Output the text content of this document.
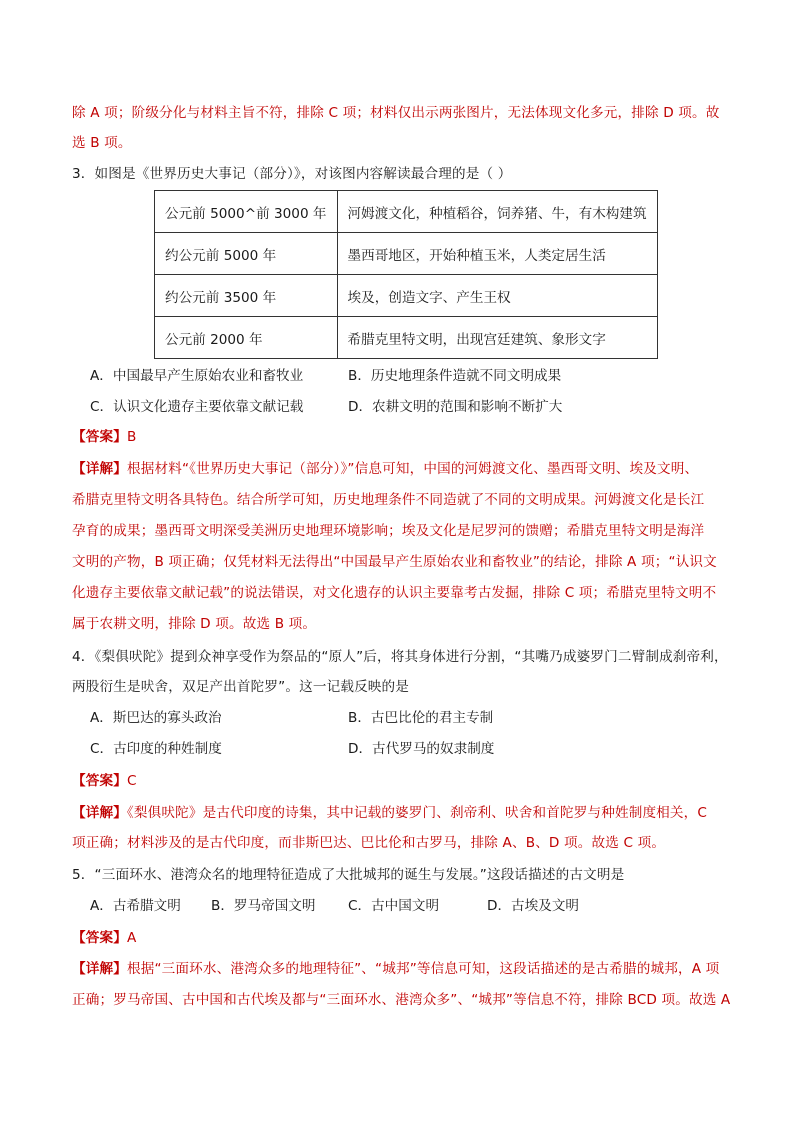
除 A 项；阶级分化与材料主旨不符，排除 C 项；材料仅出示两张图片，无法体现文化多元，排除 D 项。故
选 B 项。
3．如图是《世界历史大事记（部分）》，对该图内容解读最合理的是（ ）
公元前 5000^前 3000 年	河姆渡文化，种植稻谷，饲养猪、牛，有木构建筑
约公元前 5000 年	墨西哥地区，开始种植玉米，人类定居生活
约公元前 3500 年	埃及，创造文字、产生王权
公元前 2000 年	希腊克里特文明，出现宫廷建筑、象形文字
A．中国最早产生原始农业和畜牧业	B．历史地理条件造就不同文明成果
C．认识文化遗存主要依靠文献记载	D．农耕文明的范围和影响不断扩大
【答案】B
【详解】根据材料“《世界历史大事记（部分）》”信息可知，中国的河姆渡文化、墨西哥文明、埃及文明、
希腊克里特文明各具特色。结合所学可知，历史地理条件不同造就了不同的文明成果。河姆渡文化是长江
孕育的成果；墨西哥文明深受美洲历史地理环境影响；埃及文化是尼罗河的馈赠；希腊克里特文明是海洋
文明的产物，B 项正确；仅凭材料无法得出“中国最早产生原始农业和畜牧业”的结论，排除 A 项；“认识文
化遗存主要依靠文献记载”的说法错误，对文化遗存的认识主要靠考古发掘，排除 C 项；希腊克里特文明不
属于农耕文明，排除 D 项。故选 B 项。
4．《梨俱吠陀》提到众神享受作为祭品的“原人”后，将其身体进行分割，“其嘴乃成婆罗门二臂制成刹帝利，
两股衍生是吠舍，双足产出首陀罗”。这一记载反映的是
A．斯巴达的寡头政治	B．古巴比伦的君主专制
C．古印度的种姓制度	D．古代罗马的奴隶制度
【答案】C
【详解】《梨俱吠陀》是古代印度的诗集，其中记载的婆罗门、刹帝利、吠舍和首陀罗与种姓制度相关，C
项正确；材料涉及的是古代印度，而非斯巴达、巴比伦和古罗马，排除 A、B、D 项。故选 C 项。
5．“三面环水、港湾众名的地理特征造成了大批城邦的诞生与发展。”这段话描述的古文明是
A．古希腊文明 B．罗马帝国文明 C．古中国文明	D．古埃及文明
【答案】A
【详解】根据“三面环水、港湾众多的地理特征”、“城邦”等信息可知，这段话描述的是古希腊的城邦，A 项
正确；罗马帝国、古中国和古代埃及都与“三面环水、港湾众多”、“城邦”等信息不符，排除 BCD 项。故选 A
